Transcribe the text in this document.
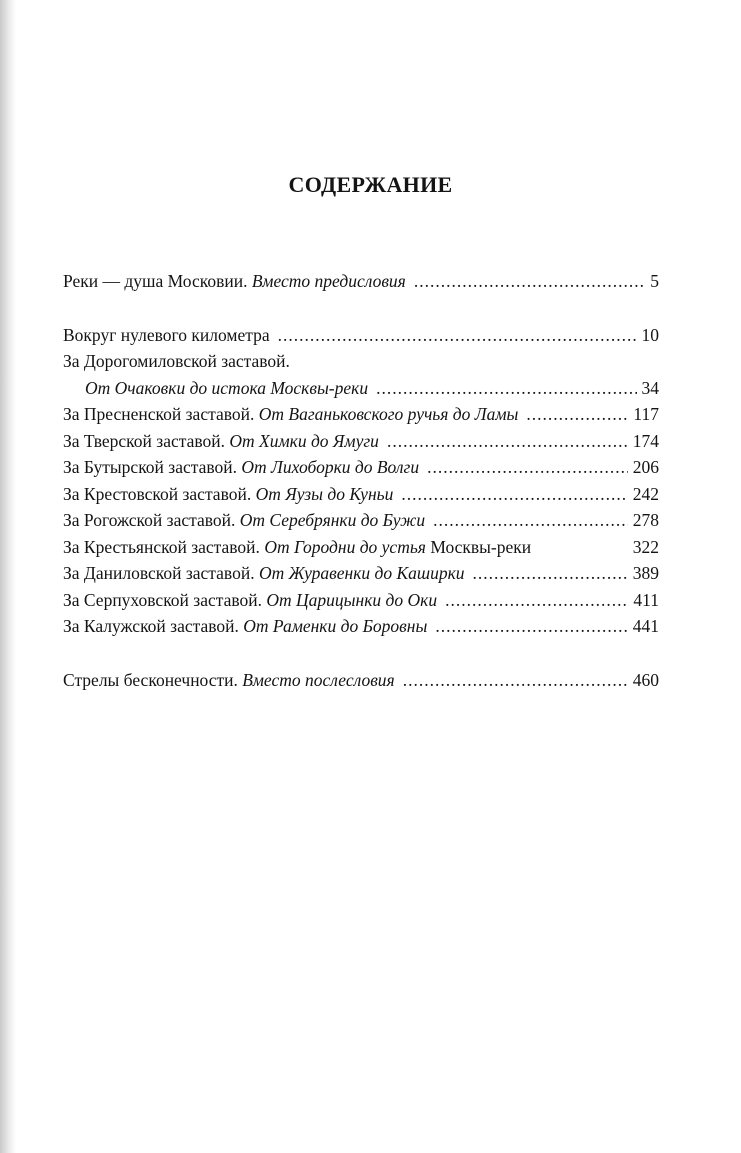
СОДЕРЖАНИЕ
Реки — душа Московии. Вместо предисловия .....	5
Вокруг нулевого километра .....	10
За Дорогомиловской заставой.
От Очаковки до истока Москвы-реки .....	34
За Пресненской заставой. От Ваганьковского ручья до Ламы .....	117
За Тверской заставой. От Химки до Ямуги .....	174
За Бутырской заставой. От Лихоборки до Волги .....	206
За Крестовской заставой. От Яузы до Куньи .....	242
За Рогожской заставой. От Серебрянки до Бужи .....	278
За Крестьянской заставой. От Городни до устья Москвы-реки	322
За Даниловской заставой. От Журавенки до Каширки .....	389
За Серпуховской заставой. От Царицынки до Оки .....	411
За Калужской заставой. От Раменки до Боровны .....	441
Стрелы бесконечности. Вместо послесловия .....	460
